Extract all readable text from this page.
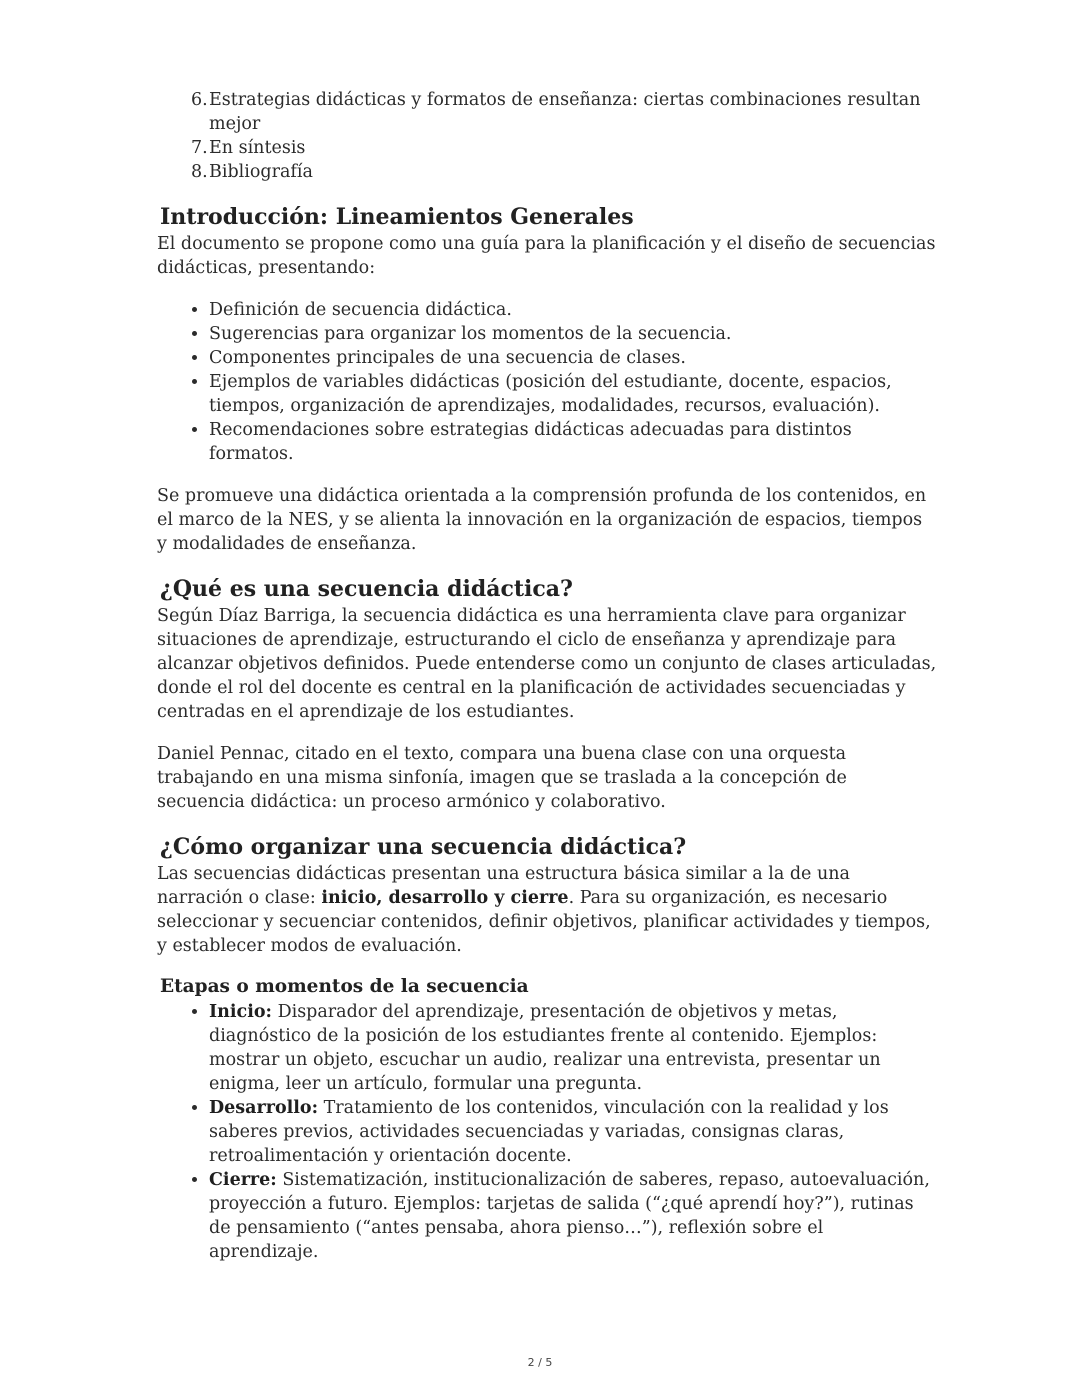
6. Estrategias didácticas y formatos de enseñanza: ciertas combinaciones resultan mejor
7. En síntesis
8. Bibliografía
Introducción: Lineamientos Generales

El documento se propone como una guía para la planificación y el diseño de secuencias didácticas, presentando:

• Definición de secuencia didáctica.
• Sugerencias para organizar los momentos de la secuencia.
• Componentes principales de una secuencia de clases.
• Ejemplos de variables didácticas (posición del estudiante, docente, espacios, tiempos, organización de aprendizajes, modalidades, recursos, evaluación).
• Recomendaciones sobre estrategias didácticas adecuadas para distintos formatos.

Se promueve una didáctica orientada a la comprensión profunda de los contenidos, en el marco de la NES, y se alienta la innovación en la organización de espacios, tiempos y modalidades de enseñanza.

¿Qué es una secuencia didáctica?

Según Díaz Barriga, la secuencia didáctica es una herramienta clave para organizar situaciones de aprendizaje, estructurando el ciclo de enseñanza y aprendizaje para alcanzar objetivos definidos. Puede entenderse como un conjunto de clases articuladas, donde el rol del docente es central en la planificación de actividades secuenciadas y centradas en el aprendizaje de los estudiantes.

Daniel Pennac, citado en el texto, compara una buena clase con una orquesta trabajando en una misma sinfonía, imagen que se traslada a la concepción de secuencia didáctica: un proceso armónico y colaborativo.

¿Cómo organizar una secuencia didáctica?

Las secuencias didácticas presentan una estructura básica similar a la de una narración o clase: inicio, desarrollo y cierre. Para su organización, es necesario seleccionar y secuenciar contenidos, definir objetivos, planificar actividades y tiempos, y establecer modos de evaluación.

Etapas o momentos de la secuencia
• Inicio: Disparador del aprendizaje, presentación de objetivos y metas, diagnóstico de la posición de los estudiantes frente al contenido. Ejemplos: mostrar un objeto, escuchar un audio, realizar una entrevista, presentar un enigma, leer un artículo, formular una pregunta.
• Desarrollo: Tratamiento de los contenidos, vinculación con la realidad y los saberes previos, actividades secuenciadas y variadas, consignas claras, retroalimentación y orientación docente.
• Cierre: Sistematización, institucionalización de saberes, repaso, autoevaluación, proyección a futuro. Ejemplos: tarjetas de salida (“¿qué aprendí hoy?”), rutinas de pensamiento (“antes pensaba, ahora pienso…”), reflexión sobre el aprendizaje.
2 / 5
